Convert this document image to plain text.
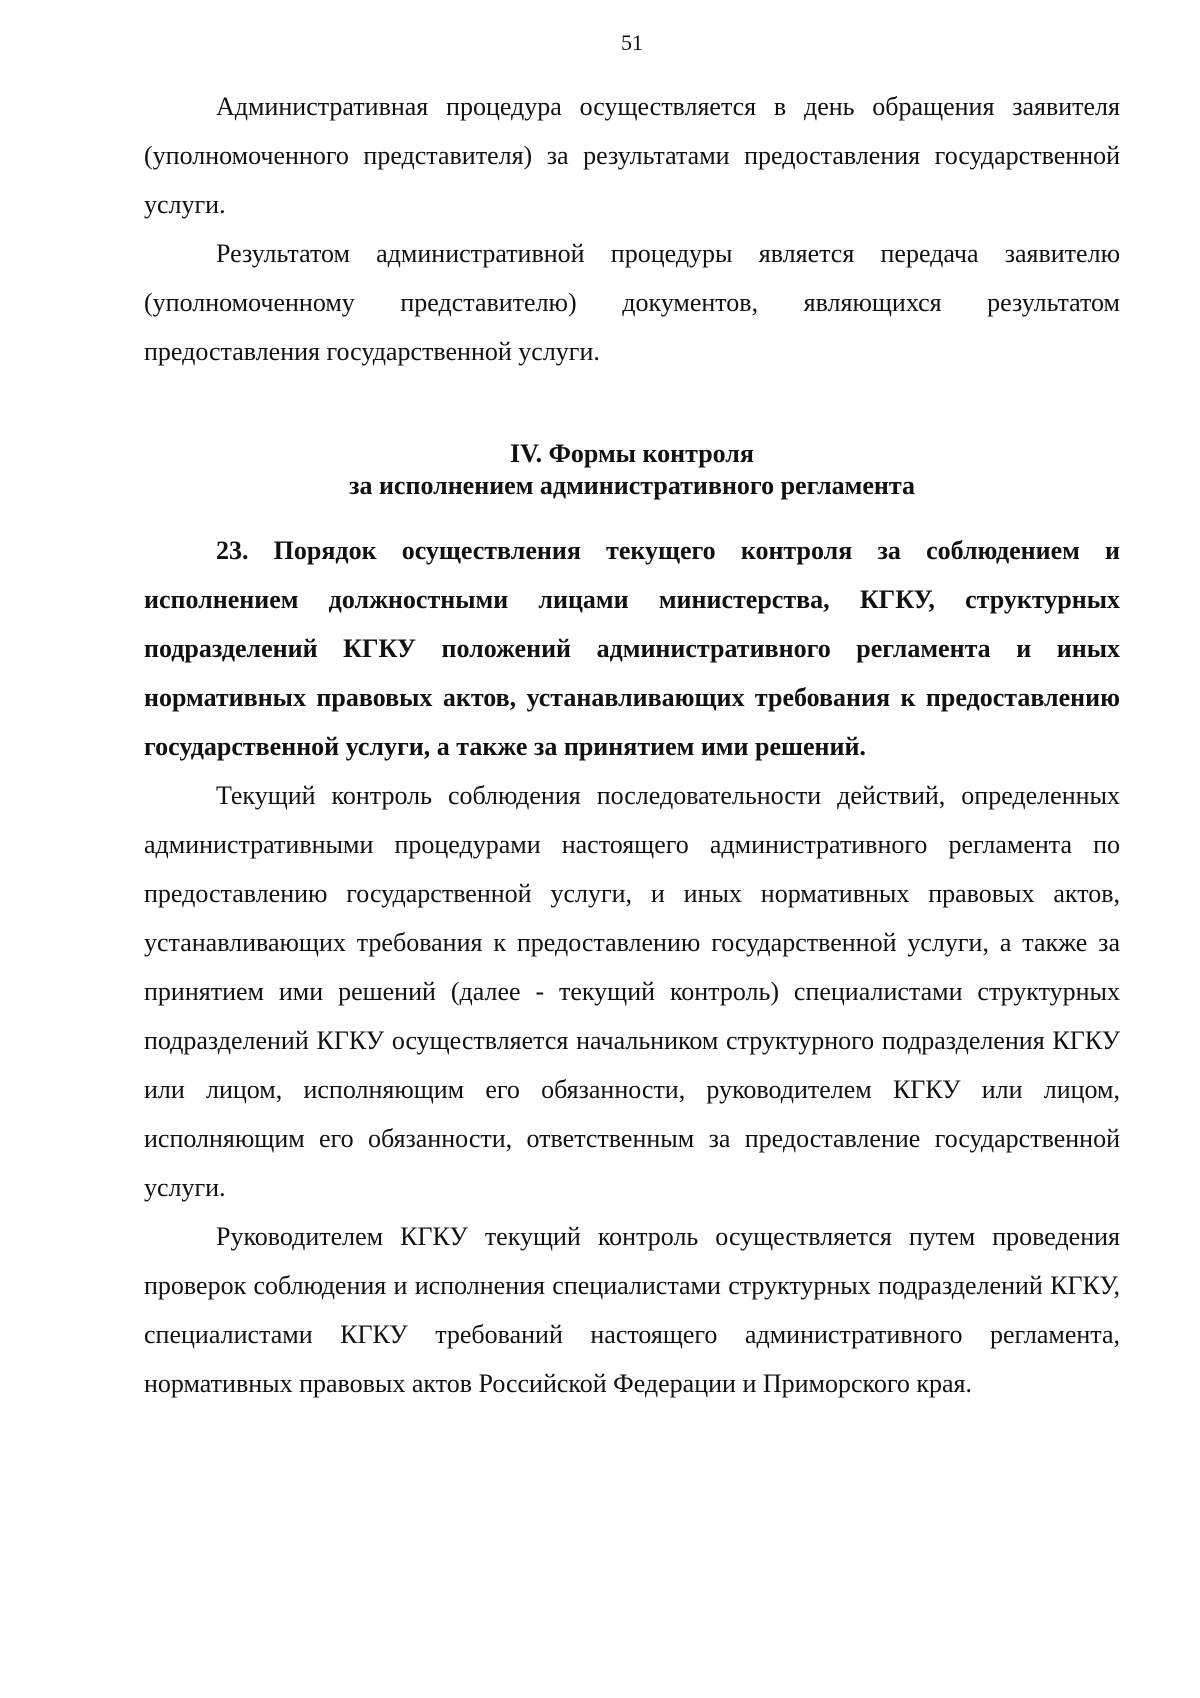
51

Административная процедура осуществляется в день обращения заявителя (уполномоченного представителя) за результатами предоставления государственной услуги.

Результатом административной процедуры является передача заявителю (уполномоченному представителю) документов, являющихся результатом предоставления государственной услуги.

IV. Формы контроля
за исполнением административного регламента

23. Порядок осуществления текущего контроля за соблюдением и исполнением должностными лицами министерства, КГКУ, структурных подразделений КГКУ положений административного регламента и иных нормативных правовых актов, устанавливающих требования к предоставлению государственной услуги, а также за принятием ими решений.

Текущий контроль соблюдения последовательности действий, определенных административными процедурами настоящего административного регламента по предоставлению государственной услуги, и иных нормативных правовых актов, устанавливающих требования к предоставлению государственной услуги, а также за принятием ими решений (далее - текущий контроль) специалистами структурных подразделений КГКУ осуществляется начальником структурного подразделения КГКУ или лицом, исполняющим его обязанности, руководителем КГКУ или лицом, исполняющим его обязанности, ответственным за предоставление государственной услуги.

Руководителем КГКУ текущий контроль осуществляется путем проведения проверок соблюдения и исполнения специалистами структурных подразделений КГКУ, специалистами КГКУ требований настоящего административного регламента, нормативных правовых актов Российской Федерации и Приморского края.
